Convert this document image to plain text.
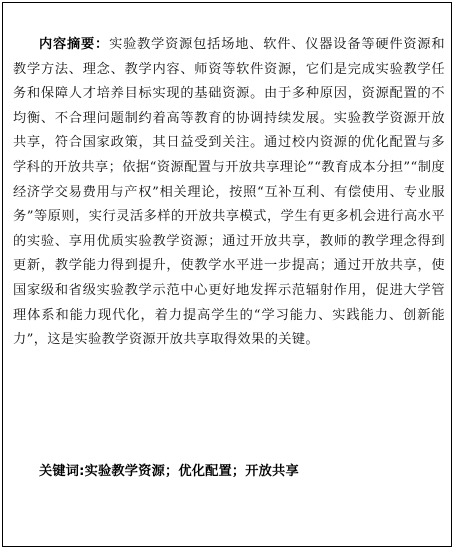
内容摘要：实验教学资源包括场地、软件、仪器设备等硬件资源和教学方法、理念、教学内容、师资等软件资源，它们是完成实验教学任务和保障人才培养目标实现的基础资源。由于多种原因，资源配置的不均衡、不合理问题制约着高等教育的协调持续发展。实验教学资源开放共享，符合国家政策，其日益受到关注。通过校内资源的优化配置与多学科的开放共享；依据“资源配置与开放共享理论”“教育成本分担”“制度经济学交易费用与产权”相关理论，按照“互补互利、有偿使用、专业服务”等原则，实行灵活多样的开放共享模式，学生有更多机会进行高水平的实验、享用优质实验教学资源；通过开放共享，教师的教学理念得到更新，教学能力得到提升，使教学水平进一步提高；通过开放共享，使国家级和省级实验教学示范中心更好地发挥示范辐射作用，促进大学管理体系和能力现代化，着力提高学生的“学习能力、实践能力、创新能力”，这是实验教学资源开放共享取得效果的关键。

关键词:实验教学资源；优化配置；开放共享
